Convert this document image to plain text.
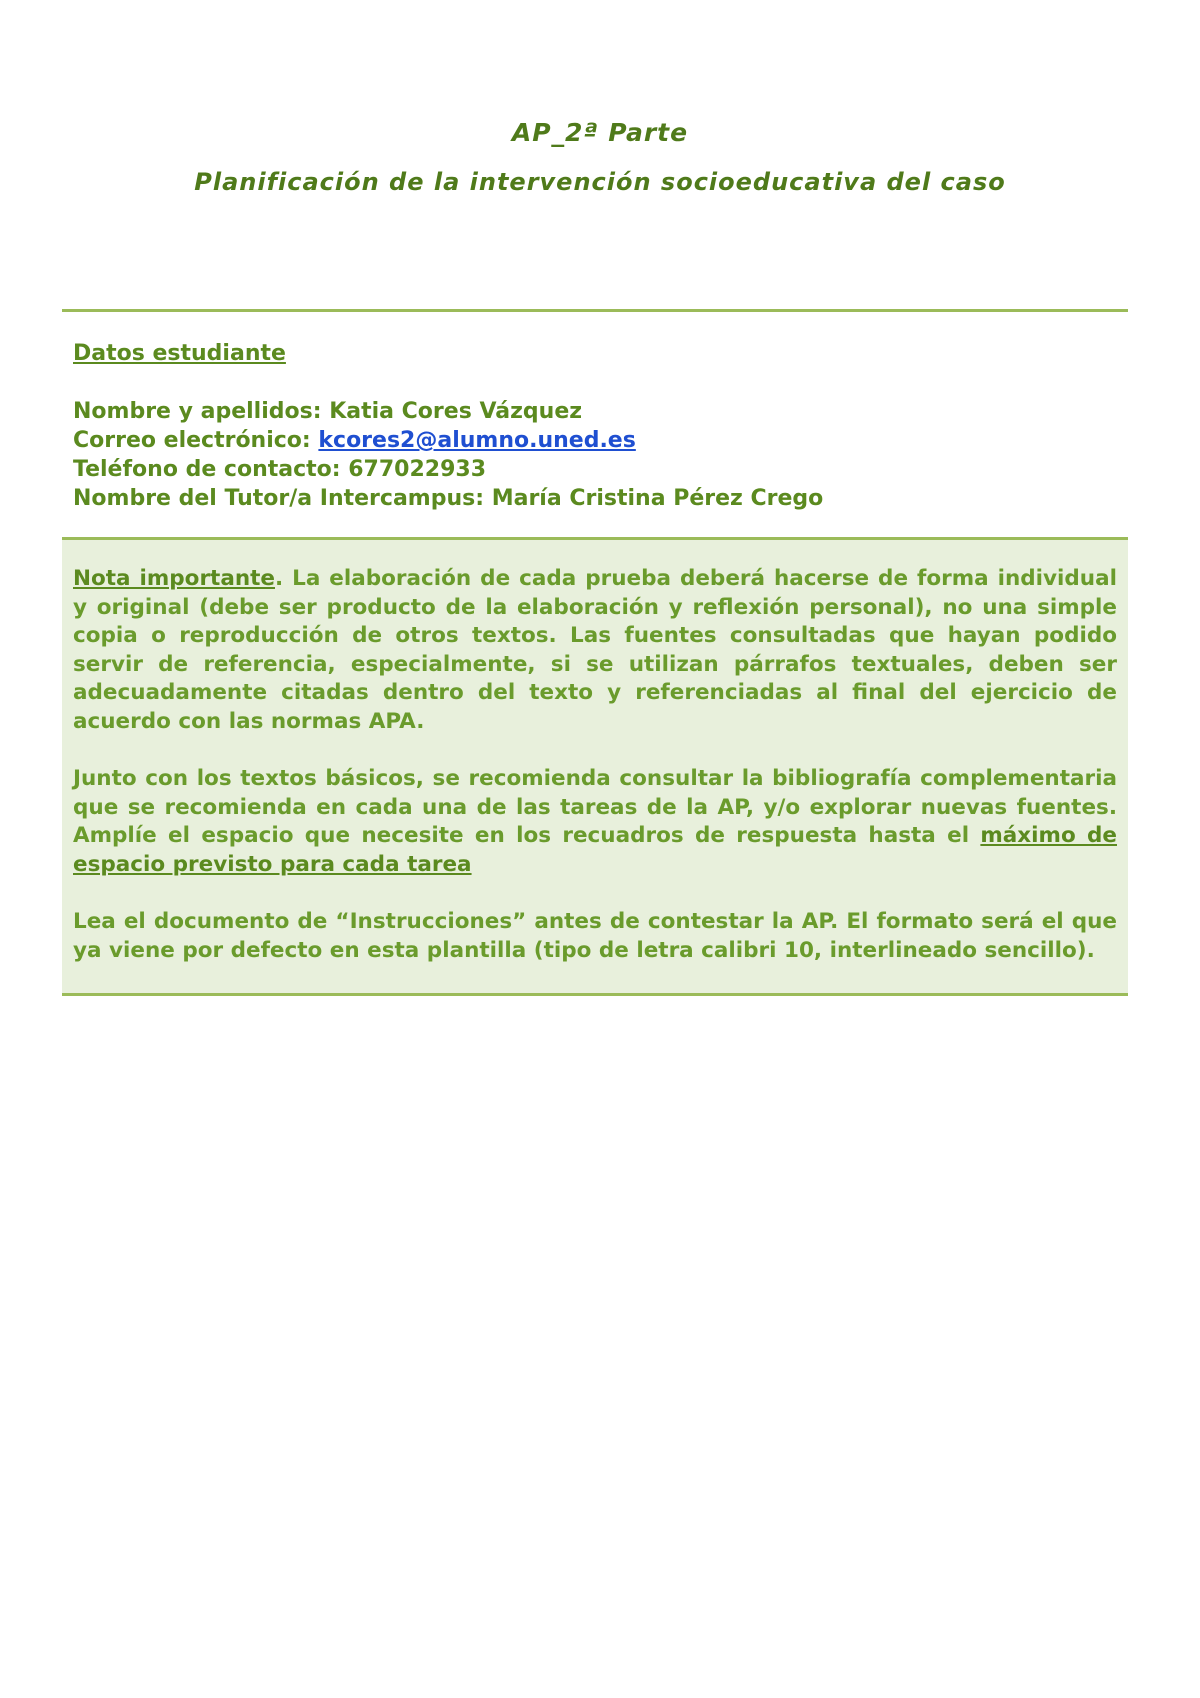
AP_2ª Parte
Planificación de la intervención socioeducativa del caso
Datos estudiante
Nombre y apellidos: Katia Cores Vázquez
Correo electrónico: kcores2@alumno.uned.es
Teléfono de contacto: 677022933
Nombre del Tutor/a Intercampus: María Cristina Pérez Crego

Nota importante. La elaboración de cada prueba deberá hacerse de forma individual y original (debe ser producto de la elaboración y reflexión personal), no una simple copia o reproducción de otros textos. Las fuentes consultadas que hayan podido servir de referencia, especialmente, si se utilizan párrafos textuales, deben ser adecuadamente citadas dentro del texto y referenciadas al final del ejercicio de acuerdo con las normas APA.

Junto con los textos básicos, se recomienda consultar la bibliografía complementaria que se recomienda en cada una de las tareas de la AP, y/o explorar nuevas fuentes. Amplíe el espacio que necesite en los recuadros de respuesta hasta el máximo de espacio previsto para cada tarea

Lea el documento de “Instrucciones” antes de contestar la AP. El formato será el que ya viene por defecto en esta plantilla (tipo de letra calibri 10, interlineado sencillo).
